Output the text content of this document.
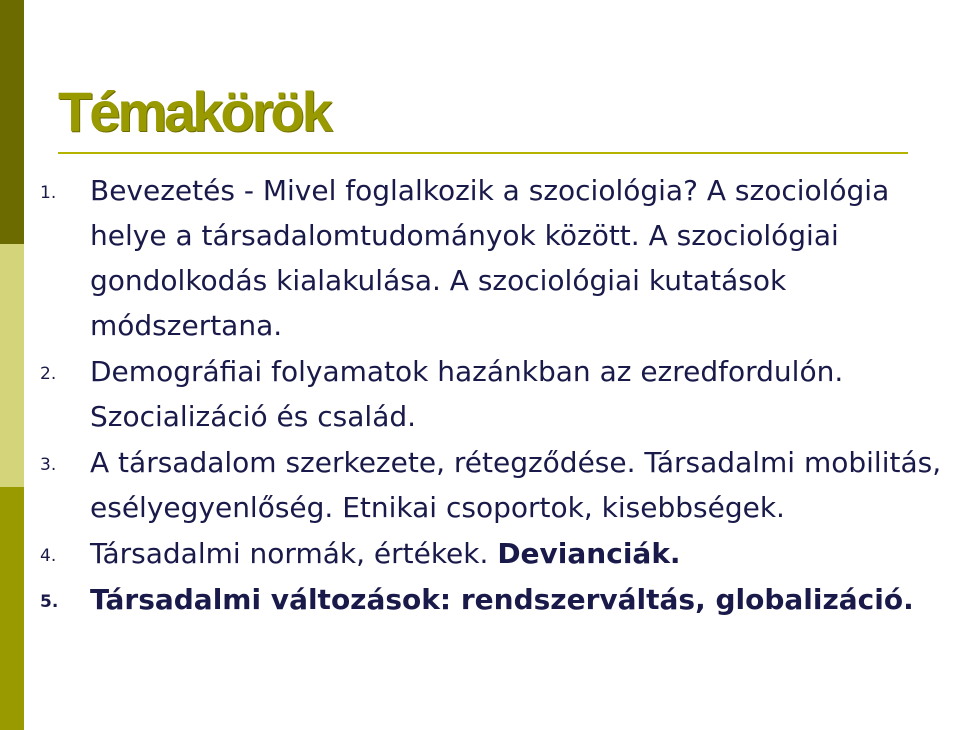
Témakörök
1. Bevezetés - Mivel foglalkozik a szociológia? A szociológia helye a társadalomtudományok között. A szociológiai gondolkodás kialakulása. A szociológiai kutatások módszertana.
2. Demográfiai folyamatok hazánkban az ezredfordulón. Szocializáció és család.
3. A társadalom szerkezete, rétegződése. Társadalmi mobilitás, esélyegyenlőség. Etnikai csoportok, kisebbségek.
4. Társadalmi normák, értékek. Devianciák.
5. Társadalmi változások: rendszerváltás, globalizáció.
